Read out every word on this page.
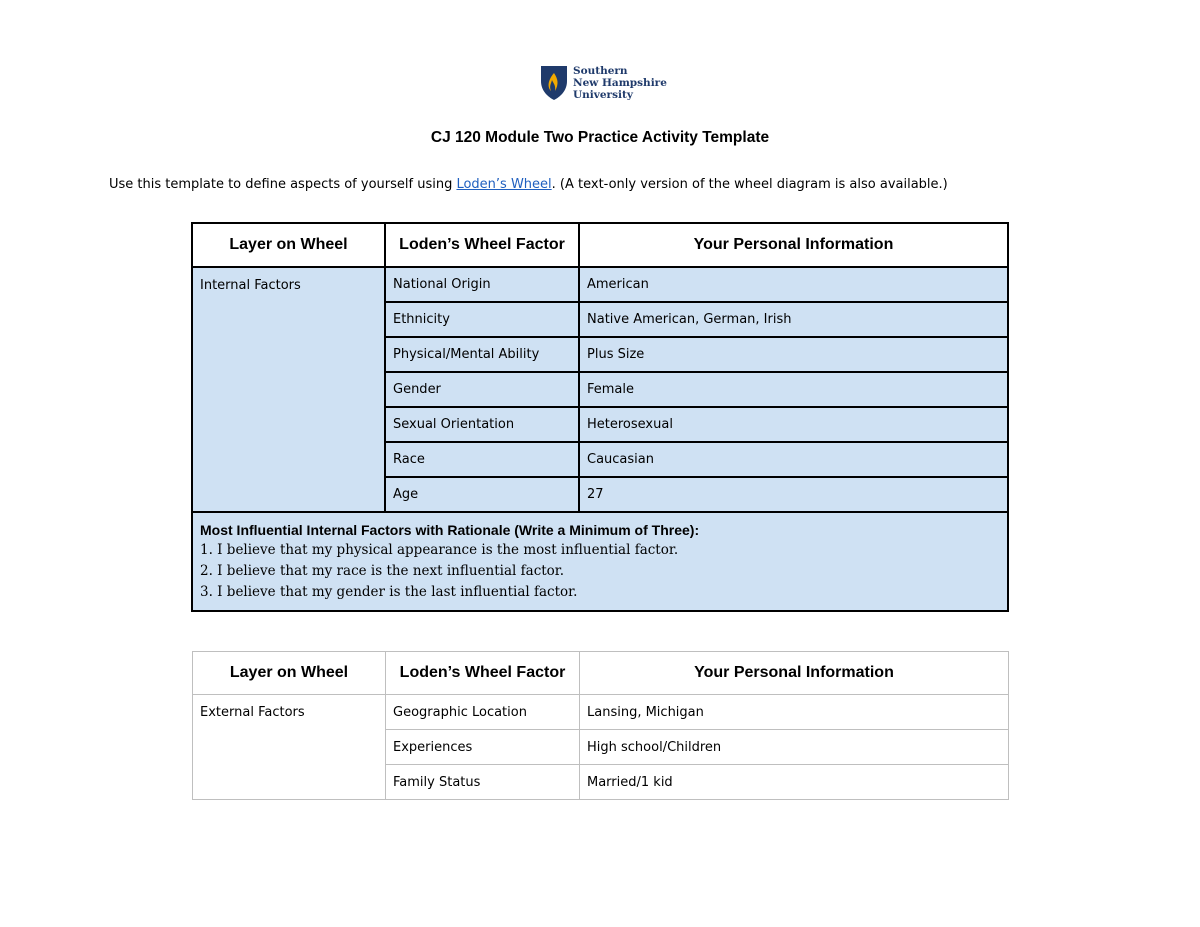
Southern
New Hampshire
University
CJ 120 Module Two Practice Activity Template
Use this template to define aspects of yourself using Loden’s Wheel. (A text-only version of the wheel diagram is also available.)
Layer on Wheel	Loden’s Wheel Factor	Your Personal Information
Internal Factors	National Origin	American
	Ethnicity	Native American, German, Irish
	Physical/Mental Ability	Plus Size
	Gender	Female
	Sexual Orientation	Heterosexual
	Race	Caucasian
	Age	27

Most Influential Internal Factors with Rationale (Write a Minimum of Three):
1. I believe that my physical appearance is the most influential factor.
2. I believe that my race is the next influential factor.
3. I believe that my gender is the last influential factor.		
Layer on Wheel	Loden’s Wheel Factor	Your Personal Information
External Factors	Geographic Location	Lansing, Michigan
	Experiences	High school/Children
	Family Status	Married/1 kid
